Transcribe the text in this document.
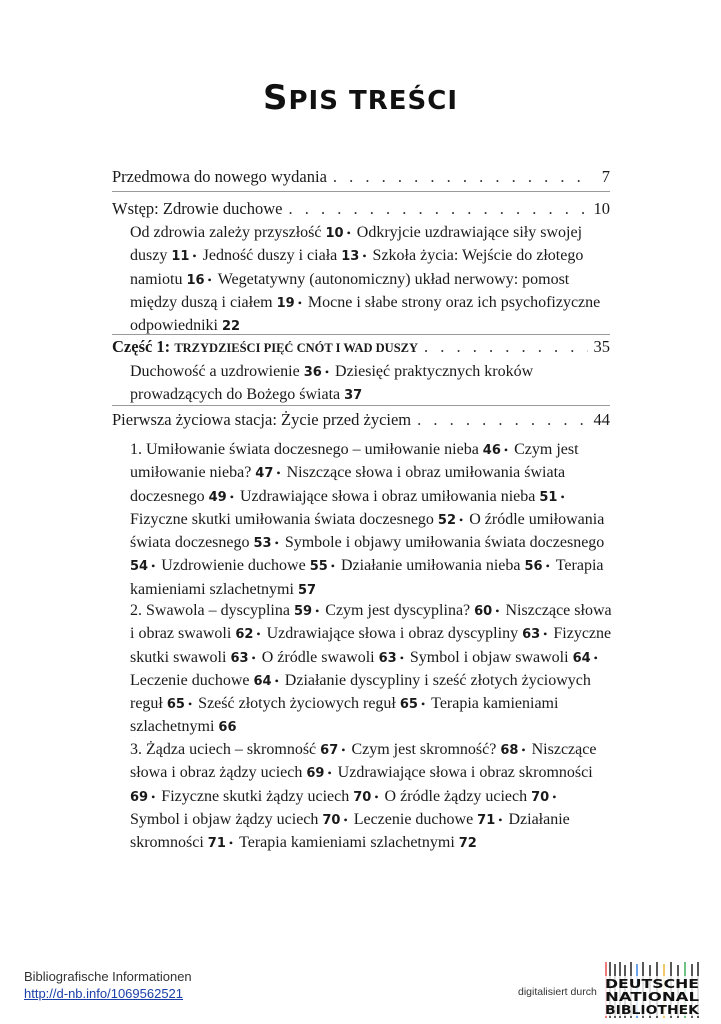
SPIS TREŚCI
Przedmowa do nowego wydania . . .	7
Wstęp: Zdrowie duchowe . . .	10
Od zdrowia zależy przyszłość 10 •  Odkryjcie uzdrawiające siły swojej duszy 11 •  Jedność duszy i ciała 13 •  Szkoła życia: Wejście do złotego namiotu 16 •  Wegetatywny (autonomiczny) układ nerwowy: pomost między duszą i ciałem 19 •  Mocne i słabe strony oraz ich psychofizyczne odpowiedniki 22
Część 1: TRZYDZIEŚCI PIĘĆ CNÓT I WAD DUSZY . . .	35
Duchowość a uzdrowienie 36 •  Dziesięć praktycznych kroków prowadzących do Bożego świata 37
Pierwsza życiowa stacja: Życie przed życiem . . .	44
1. Umiłowanie świata doczesnego – umiłowanie nieba 46 •  Czym jest umiłowanie nieba? 47 •  Niszczące słowa i obraz umiłowania świata doczesnego 49 •  Uzdrawiające słowa i obraz umiłowania nieba 51 •  Fizyczne skutki umiłowania świata doczesnego 52 •  O źródle umiłowania świata doczesnego 53 •  Symbole i objawy umiłowania świata doczesnego 54 •  Uzdrowienie duchowe 55 •  Działanie umiłowania nieba 56 •  Terapia kamieniami szlachetnymi 57
2. Swawola – dyscyplina 59 •  Czym jest dyscyplina? 60 •  Niszczące słowa i obraz swawoli 62 •  Uzdrawiające słowa i obraz dyscypliny 63 •  Fizyczne skutki swawoli 63 •  O źródle swawoli 63 •  Symbol i objaw swawoli 64 •  Leczenie duchowe 64 •  Działanie dyscypliny i sześć złotych życiowych reguł 65 •  Sześć złotych życiowych reguł 65 •  Terapia kamieniami szlachetnymi 66
3. Żądza uciech – skromność 67 •  Czym jest skromność? 68 •  Niszczące słowa i obraz żądzy uciech 69 •  Uzdrawiające słowa i obraz skromności 69 •  Fizyczne skutki żądzy uciech 70 •  O źródle żądzy uciech 70 •  Symbol i objaw żądzy uciech 70 •  Leczenie duchowe 71 •  Działanie skromności 71 •  Terapia kamieniami szlachetnymi 72
Bibliografische Informationen
http://d-nb.info/1069562521	digitalisiert durch
DEUTSCHE
NATIONAL
BIBLIOTHEK
